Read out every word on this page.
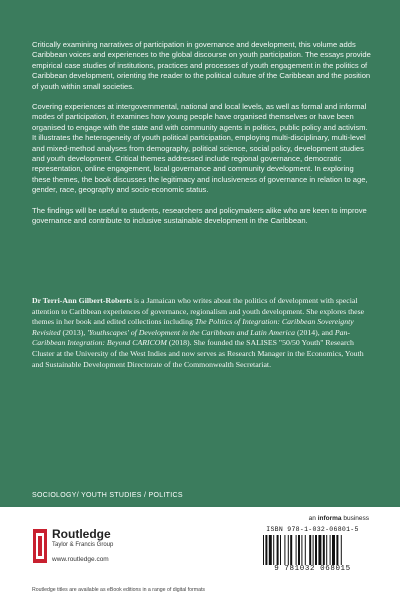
Critically examining narratives of participation in governance and development, this volume adds Caribbean voices and experiences to the global discourse on youth participation. The essays provide empirical case studies of institutions, practices and processes of youth engagement in the politics of Caribbean development, orienting the reader to the political culture of the Caribbean and the position of youth within small societies.

Covering experiences at intergovernmental, national and local levels, as well as formal and informal modes of participation, it examines how young people have organised themselves or have been organised to engage with the state and with community agents in politics, public policy and activism. It illustrates the heterogeneity of youth political participation, employing multi-disciplinary, multi-level and mixed-method analyses from demography, political science, social policy, development studies and youth development. Critical themes addressed include regional governance, democratic representation, online engagement, local governance and community development. In exploring these themes, the book discusses the legitimacy and inclusiveness of governance in relation to age, gender, race, geography and socio-economic status.

The findings will be useful to students, researchers and policymakers alike who are keen to improve governance and contribute to inclusive sustainable development in the Caribbean.

Dr Terri-Ann Gilbert-Roberts is a Jamaican who writes about the politics of development with special attention to Caribbean experiences of governance, regionalism and youth development. She explores these themes in her book and edited collections including The Politics of Integration: Caribbean Sovereignty Revisited (2013), 'Youthscapes' of Development in the Caribbean and Latin America (2014), and Pan-Caribbean Integration: Beyond CARICOM (2018). She founded the SALISES "50/50 Youth" Research Cluster at the University of the West Indies and now serves as Research Manager in the Economics, Youth and Sustainable Development Directorate of the Commonwealth Secretariat.
SOCIOLOGY/ YOUTH STUDIES / POLITICS
Routledge
Taylor & Francis Group
www.routledge.com
an informa business
ISBN 978-1-032-06801-5
9 781032 068015
Routledge titles are available as eBook editions in a range of digital formats
